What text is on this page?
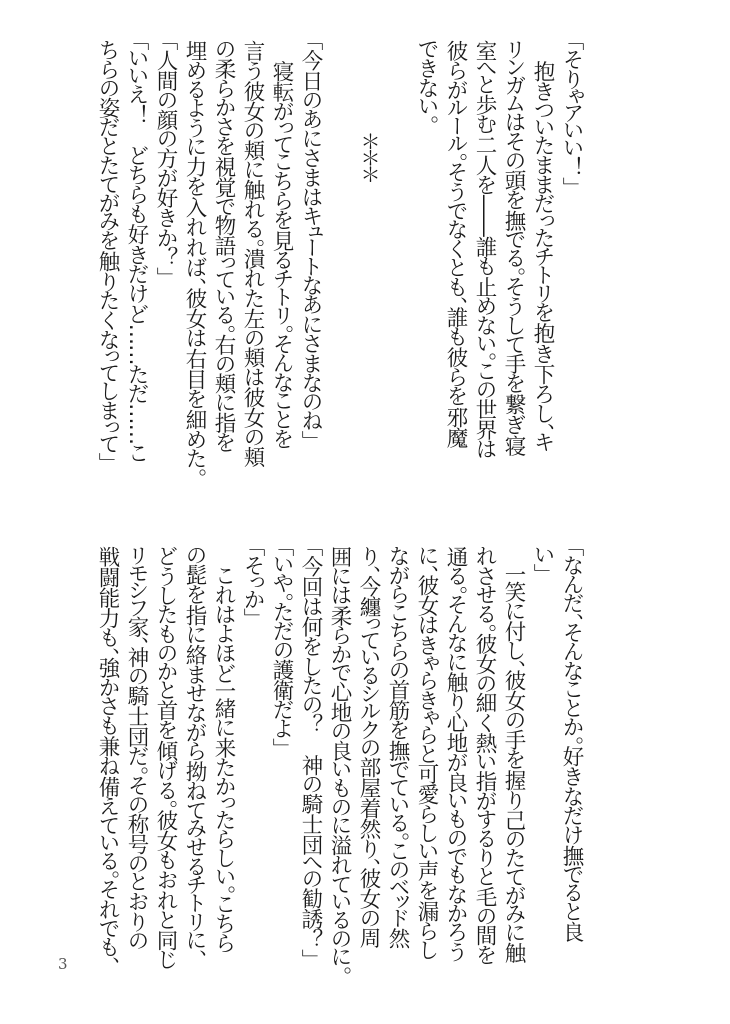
「そりゃアいい！」
　抱きついたままだったチトリを抱き下ろし、キ
リンガムはその頭を撫でる。そうして手を繋ぎ寝
室へと歩む二人を――誰も止めない。この世界は
彼らがルール。そうでなくとも、誰も彼らを邪魔
できない。
＊＊＊
「今日のあにさまはキュートなあにさまなのね」
　寝転がってこちらを見るチトリ。そんなことを
言う彼女の頬に触れる。潰れた左の頬は彼女の頬
の柔らかさを視覚で物語っている。右の頬に指を
埋めるように力を入れれば、彼女は右目を細めた。
「人間の顔の方が好きか？」
「いいえ！　どちらも好きだけど……ただ……こ
ちらの姿だとたてがみを触りたくなってしまって」
「なんだ、そんなことか。好きなだけ撫でると良
い」
　一笑に付し、彼女の手を握り己のたてがみに触
れさせる。彼女の細く熱い指がするりと毛の間を
通る。そんなに触り心地が良いものでもなかろう
に、彼女はきゃらきゃらと可愛らしい声を漏らし
ながらこちらの首筋を撫でている。このベッド然
り、今纏っているシルクの部屋着然り、彼女の周
囲には柔らかで心地の良いものに溢れているのに。
「今回は何をしたの？　神の騎士団への勧誘？」
「いや。ただの護衛だよ」
「そっか」
　これはよほど一緒に来たかったらしい。こちら
の髭を指に絡ませながら拗ねてみせるチトリに、
どうしたものかと首を傾げる。彼女もおれと同じ
リモシフ家、神の騎士団だ。その称号のとおりの
戦闘能力も、強かさも兼ね備えている。それでも、
3
